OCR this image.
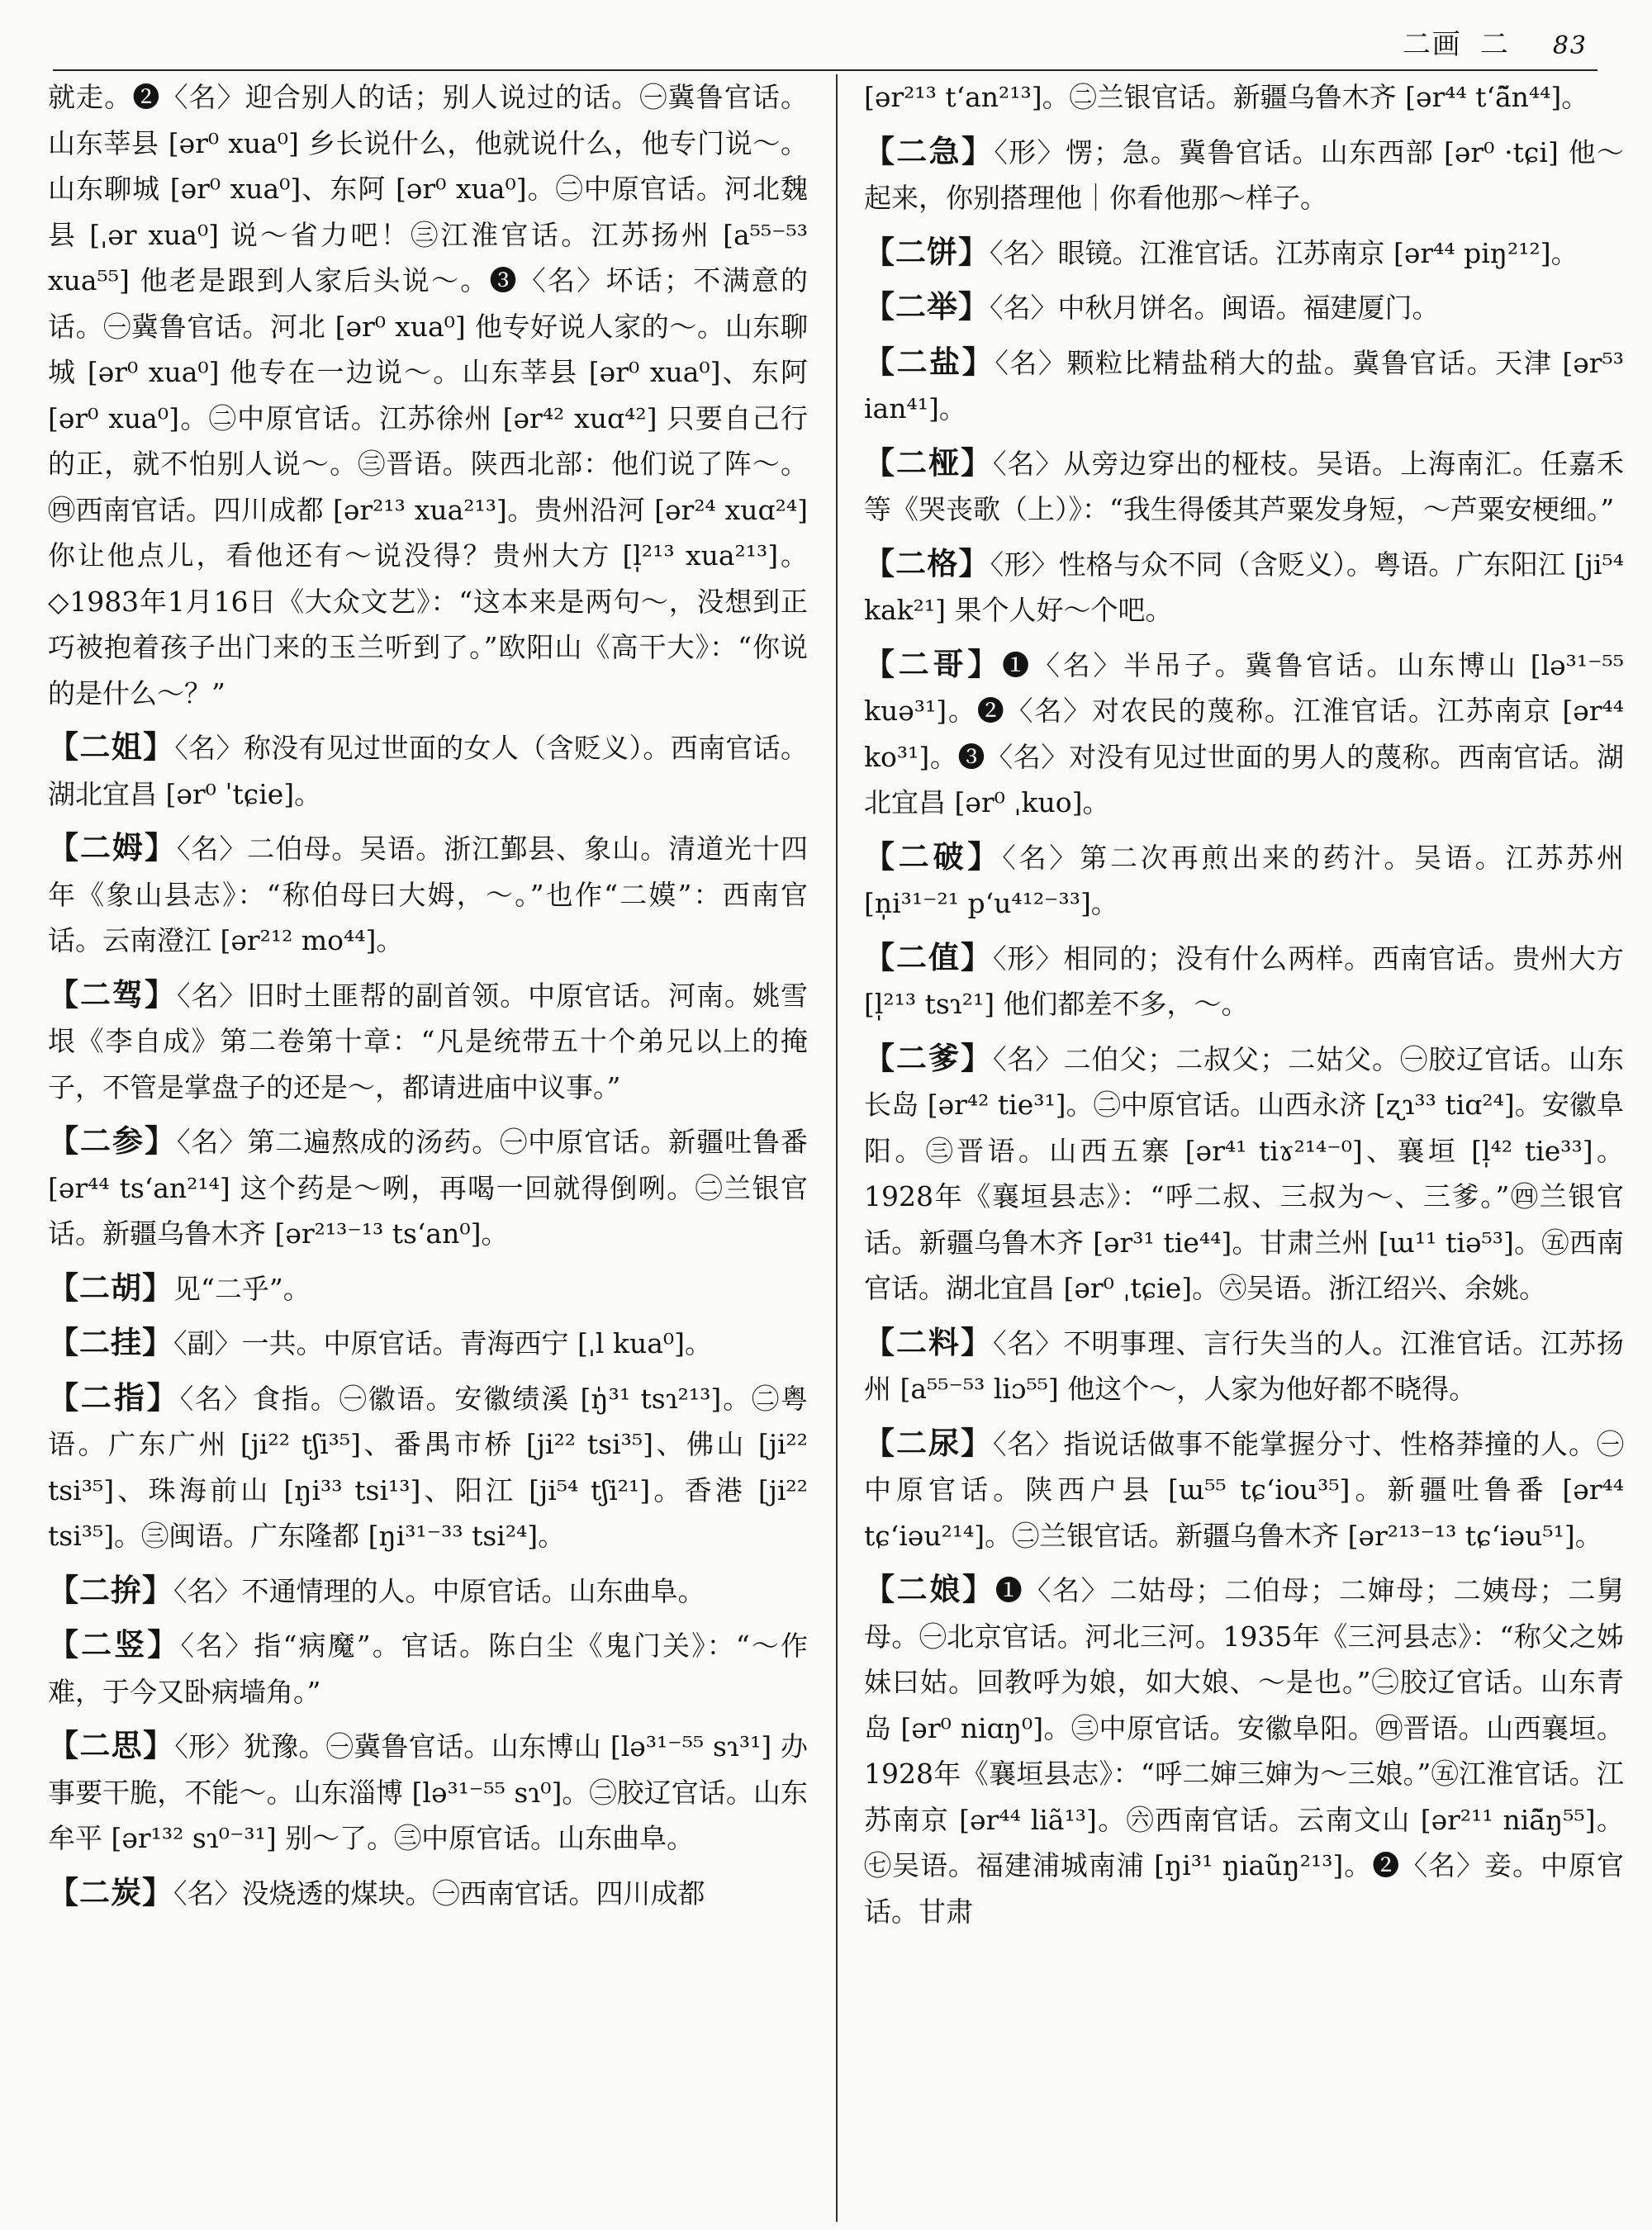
二画 二 83

就走。❷〈名〉迎合别人的话；别人说过的话。㊀冀鲁官话。山东莘县 [ər⁰ xua⁰] 乡长说什么，他就说什么，他专门说～。山东聊城 [ər⁰ xua⁰]、东阿 [ər⁰ xua⁰]。㊁中原官话。河北魏县 [ˌər xua⁰] 说～省力吧！㊂江淮官话。江苏扬州 [a⁵⁵⁻⁵³ xua⁵⁵] 他老是跟到人家后头说～。❸〈名〉坏话；不满意的话。㊀冀鲁官话。河北 [ər⁰ xua⁰] 他专好说人家的～。山东聊城 [ər⁰ xua⁰] 他专在一边说～。山东莘县 [ər⁰ xua⁰]、东阿 [ər⁰ xua⁰]。㊁中原官话。江苏徐州 [ər⁴² xuɑ⁴²] 只要自己行的正，就不怕别人说～。㊂晋语。陕西北部：他们说了阵～。㊃西南官话。四川成都 [ər²¹³ xua²¹³]。贵州沿河 [ər²⁴ xuɑ²⁴] 你让他点儿，看他还有～说没得？贵州大方 [l̩²¹³ xua²¹³]。◇1983年1月16日《大众文艺》：“这本来是两句～，没想到正巧被抱着孩子出门来的玉兰听到了。”欧阳山《高干大》：“你说的是什么～？”

【二姐】〈名〉称没有见过世面的女人（含贬义）。西南官话。湖北宜昌 [ər⁰ ˈtɕie]。

【二姆】〈名〉二伯母。吴语。浙江鄞县、象山。清道光十四年《象山县志》：“称伯母曰大姆，～。”也作“二嫫”：西南官话。云南澄江 [ər²¹² mo⁴⁴]。

【二驾】〈名〉旧时土匪帮的副首领。中原官话。河南。姚雪垠《李自成》第二卷第十章：“凡是统带五十个弟兄以上的掩子，不管是掌盘子的还是～，都请进庙中议事。”

【二参】〈名〉第二遍熬成的汤药。㊀中原官话。新疆吐鲁番 [ər⁴⁴ tsʻan²¹⁴] 这个药是～咧，再喝一回就得倒咧。㊁兰银官话。新疆乌鲁木齐 [ər²¹³⁻¹³ tsʻan⁰]。

【二胡】见“二乎”。

【二挂】〈副〉一共。中原官话。青海西宁 [ˌl kua⁰]。

【二指】〈名〉食指。㊀徽语。安徽绩溪 [ŋ̍³¹ tsɿ²¹³]。㊁粤语。广东广州 [ji²² tʃi³⁵]、番禺市桥 [ji²² tsi³⁵]、佛山 [ji²² tsi³⁵]、珠海前山 [ŋi³³ tsi¹³]、阳江 [ji⁵⁴ tʃi²¹]。香港 [ji²² tsi³⁵]。㊂闽语。广东隆都 [ŋi³¹⁻³³ tsi²⁴]。

【二拚】〈名〉不通情理的人。中原官话。山东曲阜。

【二竖】〈名〉指“病魔”。官话。陈白尘《鬼门关》：“～作难，于今又卧病墙角。”

【二思】〈形〉犹豫。㊀冀鲁官话。山东博山 [lə³¹⁻⁵⁵ sɿ³¹] 办事要干脆，不能～。山东淄博 [lə³¹⁻⁵⁵ sɿ⁰]。㊁胶辽官话。山东牟平 [ər¹³² sɿ⁰⁻³¹] 别～了。㊂中原官话。山东曲阜。

【二炭】〈名〉没烧透的煤块。㊀西南官话。四川成都

[ər²¹³ tʻan²¹³]。㊁兰银官话。新疆乌鲁木齐 [ər⁴⁴ tʻã̃n⁴⁴]。

【二急】〈形〉愣；急。冀鲁官话。山东西部 [ər⁰ ·tɕi] 他～起来，你别搭理他｜你看他那～样子。

【二饼】〈名〉眼镜。江淮官话。江苏南京 [ər⁴⁴ piŋ²¹²]。

【二举】〈名〉中秋月饼名。闽语。福建厦门。

【二盐】〈名〉颗粒比精盐稍大的盐。冀鲁官话。天津 [ər⁵³ ian⁴¹]。

【二桠】〈名〉从旁边穿出的桠枝。吴语。上海南汇。任嘉禾等《哭丧歌（上）》：“我生得倭其芦粟发身短，～芦粟安梗细。”

【二格】〈形〉性格与众不同（含贬义）。粤语。广东阳江 [ji⁵⁴ kak²¹] 果个人好～个吧。

【二哥】❶〈名〉半吊子。冀鲁官话。山东博山 [lə³¹⁻⁵⁵ kuə³¹]。❷〈名〉对农民的蔑称。江淮官话。江苏南京 [ər⁴⁴ ko³¹]。❸〈名〉对没有见过世面的男人的蔑称。西南官话。湖北宜昌 [ər⁰ ˌkuo]。

【二破】〈名〉第二次再煎出来的药汁。吴语。江苏苏州 [n̩i³¹⁻²¹ pʻu⁴¹²⁻³³]。

【二值】〈形〉相同的；没有什么两样。西南官话。贵州大方 [l̩²¹³ tsɿ²¹] 他们都差不多，～。

【二爹】〈名〉二伯父；二叔父；二姑父。㊀胶辽官话。山东长岛 [ər⁴² tie³¹]。㊁中原官话。山西永济 [ʐɿ³³ tiɑ²⁴]。安徽阜阳。㊂晋语。山西五寨 [ər⁴¹ tiɤ²¹⁴⁻⁰]、襄垣 [l̩⁴² tie³³]。1928年《襄垣县志》：“呼二叔、三叔为～、三爹。”㊃兰银官话。新疆乌鲁木齐 [ər³¹ tie⁴⁴]。甘肃兰州 [ɯ¹¹ tiə⁵³]。㊄西南官话。湖北宜昌 [ər⁰ ˌtɕie]。㊅吴语。浙江绍兴、余姚。

【二料】〈名〉不明事理、言行失当的人。江淮官话。江苏扬州 [a⁵⁵⁻⁵³ liɔ⁵⁵] 他这个～，人家为他好都不晓得。

【二尿】〈名〉指说话做事不能掌握分寸、性格莽撞的人。㊀中原官话。陕西户县 [ɯ⁵⁵ tɕʻiou³⁵]。新疆吐鲁番 [ər⁴⁴ tɕʻiəu²¹⁴]。㊁兰银官话。新疆乌鲁木齐 [ər²¹³⁻¹³ tɕʻiəu⁵¹]。

【二娘】❶〈名〉二姑母；二伯母；二婶母；二姨母；二舅母。㊀北京官话。河北三河。1935年《三河县志》：“称父之姊妹曰姑。回教呼为娘，如大娘、～是也。”㊁胶辽官话。山东青岛 [ər⁰ niɑŋ⁰]。㊂中原官话。安徽阜阳。㊃晋语。山西襄垣。1928年《襄垣县志》：“呼二婶三婶为～三娘。”㊄江淮官话。江苏南京 [ər⁴⁴ liã¹³]。㊅西南官话。云南文山 [ər²¹¹ niã̃ŋ⁵⁵]。㊆吴语。福建浦城南浦 [ŋi³¹ ŋiaũŋ²¹³]。❷〈名〉妾。中原官话。甘肃
